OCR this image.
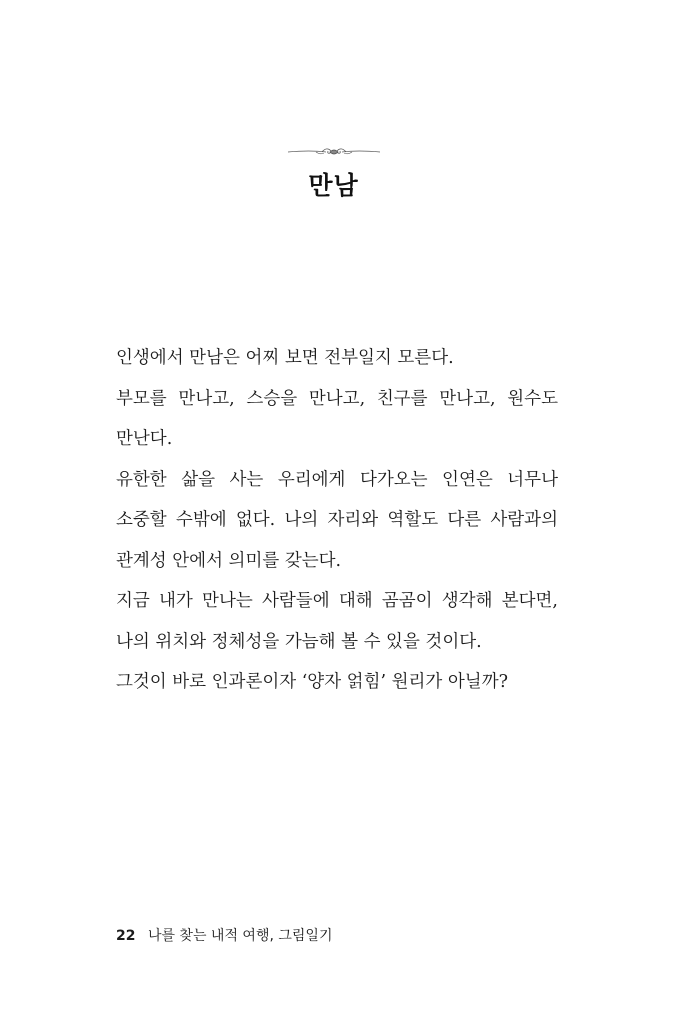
만남

인생에서 만남은 어찌 보면 전부일지 모른다.

부모를 만나고, 스승을 만나고, 친구를 만나고, 원수도 만난다.

유한한 삶을 사는 우리에게 다가오는 인연은 너무나 소중할 수밖에 없다. 나의 자리와 역할도 다른 사람과의 관계성 안에서 의미를 갖는다.

지금 내가 만나는 사람들에 대해 곰곰이 생각해 본다면, 나의 위치와 정체성을 가늠해 볼 수 있을 것이다.

그것이 바로 인과론이자 ‘양자 얽힘’ 원리가 아닐까?

22 나를 찾는 내적 여행, 그림일기
